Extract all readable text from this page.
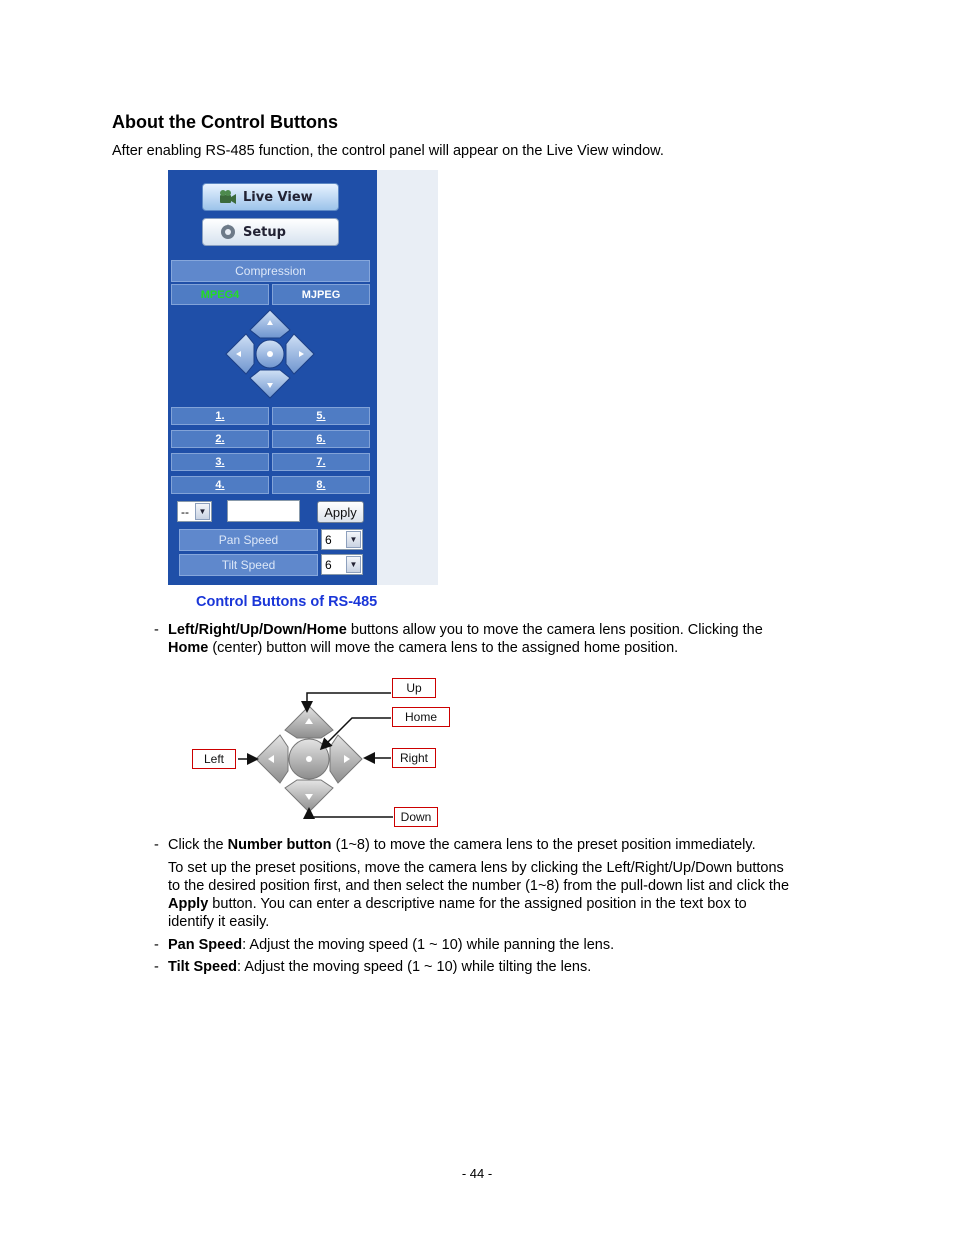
About the Control Buttons
After enabling RS-485 function, the control panel will appear on the Live View window.
Live View
Setup
Compression
MPEG4	MJPEG
1.	5.
2.	6.
3.	7.
4.	8.
--	▼	Apply
Pan Speed	6	▼
Tilt Speed	6	▼
Control Buttons of RS-485
- Left/Right/Up/Down/Home buttons allow you to move the camera lens position. Clicking the
Home (center) button will move the camera lens to the assigned home position.
Up
Home
Left	Right
Down
- Click the Number button (1~8) to move the camera lens to the preset position immediately.
To set up the preset positions, move the camera lens by clicking the Left/Right/Up/Down buttons
to the desired position first, and then select the number (1~8) from the pull-down list and click the
Apply button. You can enter a descriptive name for the assigned position in the text box to
identify it easily.
- Pan Speed: Adjust the moving speed (1 ~ 10) while panning the lens.
- Tilt Speed: Adjust the moving speed (1 ~ 10) while tilting the lens.
- 44 -
